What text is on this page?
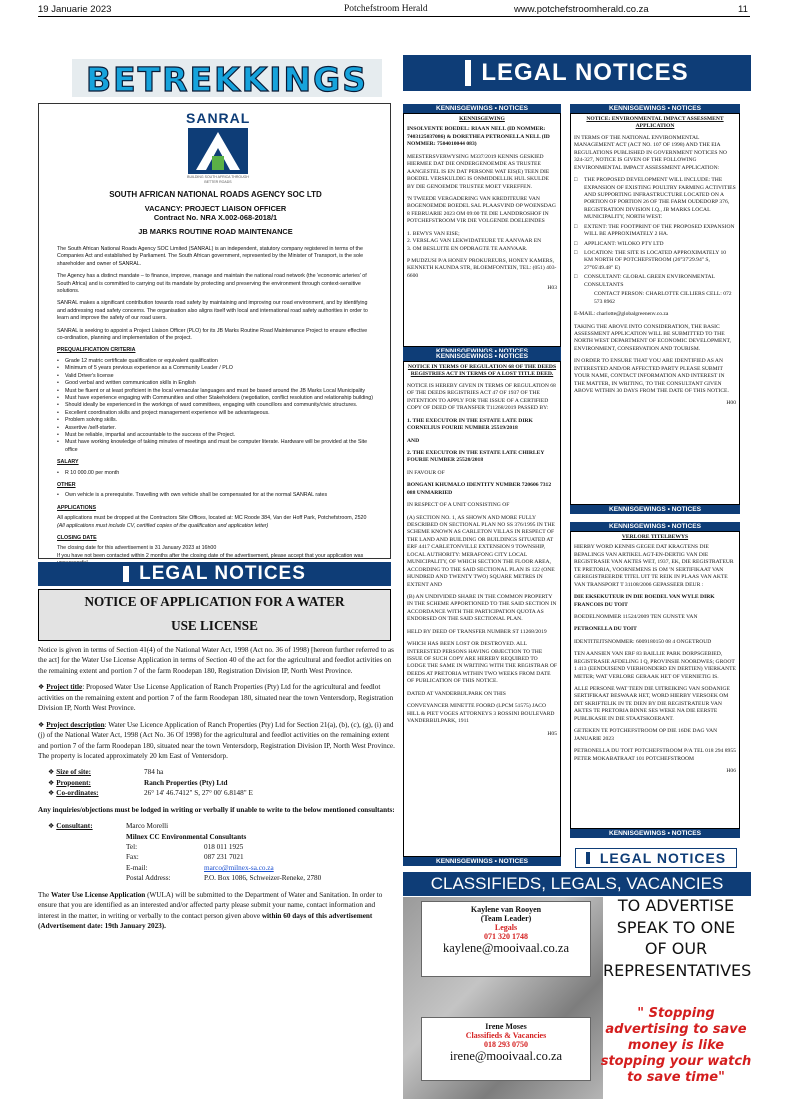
19 Januarie 2023	Potchefstroom Herald	www.potchefstroomherald.co.za	11
BETREKKINGS
SANRAL
BUILDING SOUTH AFRICA THROUGH BETTER ROADS
SOUTH AFRICAN NATIONAL ROADS AGENCY SOC LTD
VACANCY: PROJECT LIAISON OFFICER
Contract No. NRA X.002-068-2018/1
JB MARKS ROUTINE ROAD MAINTENANCE

The South African National Roads Agency SOC Limited (SANRAL) is an independent, statutory company registered in terms of the Companies Act and established by Parliament. The South African government, represented by the Minister of Transport, is the sole shareholder and owner of SANRAL.

The Agency has a distinct mandate – to finance, improve, manage and maintain the national road network (the 'economic arteries' of South Africa) and is committed to carrying out its mandate by protecting and preserving the environment through context-sensitive solutions.

SANRAL makes a significant contribution towards road safety by maintaining and improving our road environment, and by identifying and addressing road safety concerns. The organisation also aligns itself with local and international road safety authorities in order to learn and improve the safety of our road users.

SANRAL is seeking to appoint a Project Liaison Officer (PLO) for its JB Marks Routine Road Maintenance Project to ensure effective co-ordination, planning and implementation of the project.

PREQUALIFICATION CRITERIA
• Grade 12 matric certificate qualification or equivalent qualification
• Minimum of 5 years previous experience as a Community Leader / PLO
• Valid Driver's license
• Good verbal and written communication skills in English
• Must be fluent or at least proficient in the local vernacular languages and must be based around the JB Marks Local Municipality
• Must have experience engaging with Communities and other Stakeholders (negotiation, conflict resolution and relationship building)
• Should ideally be experienced in the workings of ward committees, engaging with councillors and community/civic structures.
• Excellent coordination skills and project management experience will be advantageous.
• Problem solving skills.
• Assertive /self-starter.
• Must be reliable, impartial and accountable to the success of the Project.
• Must have working knowledge of taking minutes of meetings and must be computer literate. Hardware will be provided at the Site office
SALARY
• R 10 000.00 per month
OTHER
• Own vehicle is a prerequisite. Travelling with own vehicle shall be compensated for at the normal SANRAL rates
APPLICATIONS

All applications must be dropped at the Contractors Site Offices, located at: MC Roode 384, Van der Hoff Park, Potchefstroom, 2520

(All applications must include CV, certified copies of the qualification and application letter)

CLOSING DATE

The closing date for this advertisement is 31 January 2023 at 16h00

If you have not been contacted within 2 months after the closing date of the advertisement, please accept that your application was

LEGAL NOTICES
NOTICE OF APPLICATION FOR A WATER
USE LICENSE

Notice is given in terms of Section 41(4) of the National Water Act, 1998 (Act no. 36 of 1998) [hereon further referred to as the act] for the Water Use License Application in terms of Section 40 of the act for the agricultural and feedlot activities on the remaining extent and portion 7 of the farm Roodepan 180, Registration Division IP, North West Province.

❖ Project title: Proposed Water Use License Application of Ranch Properties (Pty) Ltd for the agricultural and feedlot activities on the remaining extent and portion 7 of the farm Roodepan 180, situated near the town Ventersdorp, Registration Division IP, North West Province.

❖ Project description: Water Use Licence Application of Ranch Properties (Pty) Ltd for Section 21(a), (b), (c), (g), (i) and (j) of the National Water Act, 1998 (Act No. 36 Of 1998) for the agricultural and feedlot activities on the remaining extent and portion 7 of the farm Roodepan 180, situated near the town Ventersdorp, Registration Division IP, North West Province. The property is located approximately 20 km East of Ventersdorp.

❖ Size of site:	784 ha
❖ Proponent:	Ranch Properties (Pty) Ltd
❖ Co-ordinates:	26° 14' 46.7412" S, 27° 00' 6.8148" E

Any inquiries/objections must be lodged in writing or verbally if unable to write to the below mentioned consultants:

❖ Consultant:	Marco Morelli
Milnex CC Environmental Consultants
Tel:	018 011 1925
Fax:	087 231 7021
E-mail:	marco@milnex-sa.co.za
Postal Address:	P.O. Box 1086, Schweizer-Reneke, 2780

The Water Use License Application (WULA) will be submitted to the Department of Water and Sanitation. In order to ensure that you are identified as an interested and/or affected party please submit your name, contact information and interest in the matter, in writing or verbally to the contact person given above within 60 days of this advertisement (Advertisement date: 19th January 2023).

LEGAL NOTICES
KENNISGEWINGS • NOTICES
KENNISGEWING

INSOLVENTE BOEDEL: RIAAN NELL (ID NOMMER: 7403125037086) & DORETHEA PETRONELLA NELL (ID NOMMER: 7504010044 083)

MEESTERSVERWYSING M337/2019 KENNIS GESKIED HIERMEE DAT DIE ONDERGENOEMDE AS TRUSTEE AANGESTEL IS EN DAT PERSONE WAT EIS(E) TEEN DIE BOEDEL VERSKULDIG IS ONMIDDELLIK HUL SKULDE BY DIE GENOEMDE TRUSTEE MOET VEREFFEN.

'N TWEEDE VERGADERING VAN KREDITEURE VAN BOGENOEMDE BOEDEL SAL PLAASVIND OP WOENSDAG 8 FEBRUARIE 2023 OM 09:00 TE DIE LANDDROSHOF IN POTCHEFSTROOM VIR DIE VOLGENDE DOELEINDES

1. BEWYS VAN EISE;
2. VERSLAG VAN LEKWIDATEURE TE AANVAAR EN
3. OM BESLUITE EN OPDRAGTE TE AANVAAR.

P MUDZUSI P/A HONEY PROKUREURS, HONEY KAMERS, KENNETH KAUNDA STR, BLOEMFONTEIN, TEL: (051) 403-6600

H03
KENNISGEWINGS • NOTICES
NOTICE IN TERMS OF REGULATION 68 OF THE DEEDS REGISTRIES ACT IN TERMS OF A LOST TITLE DEED.

NOTICE IS HEREBY GIVEN IN TERMS OF REGULATION 68 OF THE DEEDS REGISTRIES ACT 47 OF 1937 OF THE INTENTION TO APPLY FOR THE ISSUE OF A CERTIFIED COPY OF DEED OF TRANSFER T11268/2019 PASSED BY:

1. THE EXECUTOR IN THE ESTATE LATE DIRK CORNELIUS FOURIE NUMBER 25519/2018

AND

2. THE EXECUTOR IN THE ESTATE LATE CHIRLEY FOURIE NUMBER 25520/2018

IN FAVOUR OF

BONGANI KHUMALO IDENTITY NUMBER 720606 7312 088 UNMARRIED

IN RESPECT OF A UNIT CONSISTING OF

(A) SECTION NO. 1, AS SHOWN AND MORE FULLY DESCRIBED ON SECTIONAL PLAN NO SS 376/1995 IN THE SCHEME KNOWN AS CARLETON VILLAS IN RESPECT OF THE LAND AND BUILDING OR BUILDINGS SITUATED AT ERF 4417 CARLETONVILLE EXTENSION 9 TOWNSHIP, LOCAL AUTHORITY: MERAFONG CITY LOCAL MUNICIPALITY, OF WHICH SECTION THE FLOOR AREA, ACCORDING TO THE SAID SECTIONAL PLAN IS 122 (ONE HUNDRED AND TWENTY TWO) SQUARE METRES IN EXTENT AND

(B) AN UNDIVIDED SHARE IN THE COMMON PROPERTY IN THE SCHEME APPORTIONED TO THE SAID SECTION IN ACCORDANCE WITH THE PARTICIPATION QUOTA AS ENDORSED ON THE SAID SECTIONAL PLAN.

HELD BY DEED OF TRANSFER NUMBER ST 11268/2019

WHICH HAS BEEN LOST OR DESTROYED. ALL INTERESTED PERSONS HAVING OBJECTION TO THE ISSUE OF SUCH COPY ARE HEREBY REQUIRED TO LODGE THE SAME IN WRITING WITH THE REGISTRAR OF DEEDS AT PRETORIA WITHIN TWO WEEKS FROM DATE OF PUBLICATION OF THIS NOTICE.

DATED AT VANDERBIJLPARK ON THIS

CONVEYANCER MINETTE FOORD (LPCM 51575) JACO HILL & PIET VOGES ATTORNEYS 3 ROSSINI BOULEVARD VANDERBIJLPARK, 1911

H05
KENNISGEWINGS • NOTICES
KENNISGEWINGS • NOTICES
NOTICE: ENVIRONMENTAL IMPACT ASSESSMENT APPLICATION

IN TERMS OF THE NATIONAL ENVIRONMENTAL MANAGEMENT ACT (ACT NO. 107 OF 1998) AND THE EIA REGULATIONS PUBLISHED IN GOVERNMENT NOTICES NO 324-327, NOTICE IS GIVEN OF THE FOLLOWING ENVIRONMENTAL IMPACT ASSESSMENT APPLICATION:

□ THE PROPOSED DEVELOPMENT WILL INCLUDE: THE EXPANSION OF EXISTING POULTRY FARMING ACTIVITIES AND SUPPORTING INFRASTRUCTURE LOCATED ON A PORTION OF PORTION 26 OF THE FARM OUDEDORP 376, REGISTRATION DIVISION I.Q., JB MARKS LOCAL MUNICIPALITY, NORTH WEST.
□ EXTENT: THE FOOTPRINT OF THE PROPOSED EXPANSION WILL BE APPROXIMATELY 2 HA.
□ APPLICANT: WILOKO PTY LTD
□ LOCATION: THE SITE IS LOCATED APPROXIMATELY 10 KM NORTH OF POTCHEFSTROOM (26°37'29.94" S, 27°05'49.48" E)
□ CONSULTANT: GLOBAL GREEN ENVIRONMENTAL CONSULTANTS

CONTACT PERSON: CHARLOTTE CILLIERS CELL: 072 573 8962

E-MAIL: charlotte@globalgreenenv.co.za

TAKING THE ABOVE INTO CONSIDERATION, THE BASIC ASSESSMENT APPLICATION WILL BE SUBMITTED TO THE NORTH WEST DEPARTMENT OF ECONOMIC DEVELOPMENT, ENVIRONMENT, CONSERVATION AND TOURISM.

IN ORDER TO ENSURE THAT YOU ARE IDENTIFIED AS AN INTERESTED AND/OR AFFECTED PARTY PLEASE SUBMIT YOUR NAME, CONTACT INFORMATION AND INTEREST IN THE MATTER, IN WRITING, TO THE CONSULTANT GIVEN ABOVE WITHIN 30 DAYS FROM THE DATE OF THIS NOTICE.

H00
KENNISGEWINGS • NOTICES
KENNISGEWINGS • NOTICES
VERLORE TITELBEWYS

HIERBY WORD KENNIS GEGEE DAT KRAGTENS DIE BEPALINGS VAN ARTIKEL AGT-EN-DERTIG VAN DIE REGISTRASIE VAN AKTES WET, 1937, EK, DIE REGISTRATEUR TE PRETORIA, VOORNEMENS IS OM 'N SERTIFIKAAT VAN GEREGISTREERDE TITEL UIT TE REIK IN PLAAS VAN AKTE VAN TRANSPORT T 31108/2006 GEPASSEER DEUR :

DIE EKSEKUTEUR IN DIE BOEDEL VAN WYLE DIRK FRANCOIS DU TOIT

BOEDELNOMMER 11524/2009 TEN GUNSTE VAN

PETRONELLA DU TOIT

IDENTITEITSNOMMER: 6009180150 08 4 ONGETROUD

TEN AANSIEN VAN ERF 83 BAILLIE PARK DORPSGEBIED, REGISTRASIE AFDELING I Q, PROVINSIE NOORDWES; GROOT 1 413 (EENDUISEND VIERHONDERD EN DERTIEN) VIERKANTE METER; WAT VERLORE GERAAK HET OF VERNIETIG IS.

ALLE PERSONE WAT TEEN DIE UITREIKING VAN SODANIGE SERTIFIKAAT BESWAAR HET, WORD HIERBY VERSOEK OM DIT SKRIFTELIK IN TE DIEN BY DIE REGISTRATEUR VAN AKTES TE PRETORIA BINNE SES WEKE NA DIE EERSTE PUBLIKASIE IN DIE STAATSKOERANT.

GETEKEN TE POTCHEFSTROOM OP DIE 16DE DAG VAN JANUARIE 2023

PETRONELLA DU TOIT POTCHEFSTROOM P/A TEL 018 294 8955 PETER MOKABATRAAT 101 POTCHEFSTROOM

H06
KENNISGEWINGS • NOTICES
LEGAL NOTICES
CLASSIFIEDS, LEGALS, VACANCIES
Kaylene van Rooyen
(Team Leader)
Legals
071 320 1748
kaylene@mooivaal.co.za
Irene Moses
Classifieds & Vacancies
018 293 0750
irene@mooivaal.co.za
TO ADVERTISE
SPEAK TO ONE
OF OUR
REPRESENTATIVES
" Stopping advertising to save money is like stopping your watch to save time"
